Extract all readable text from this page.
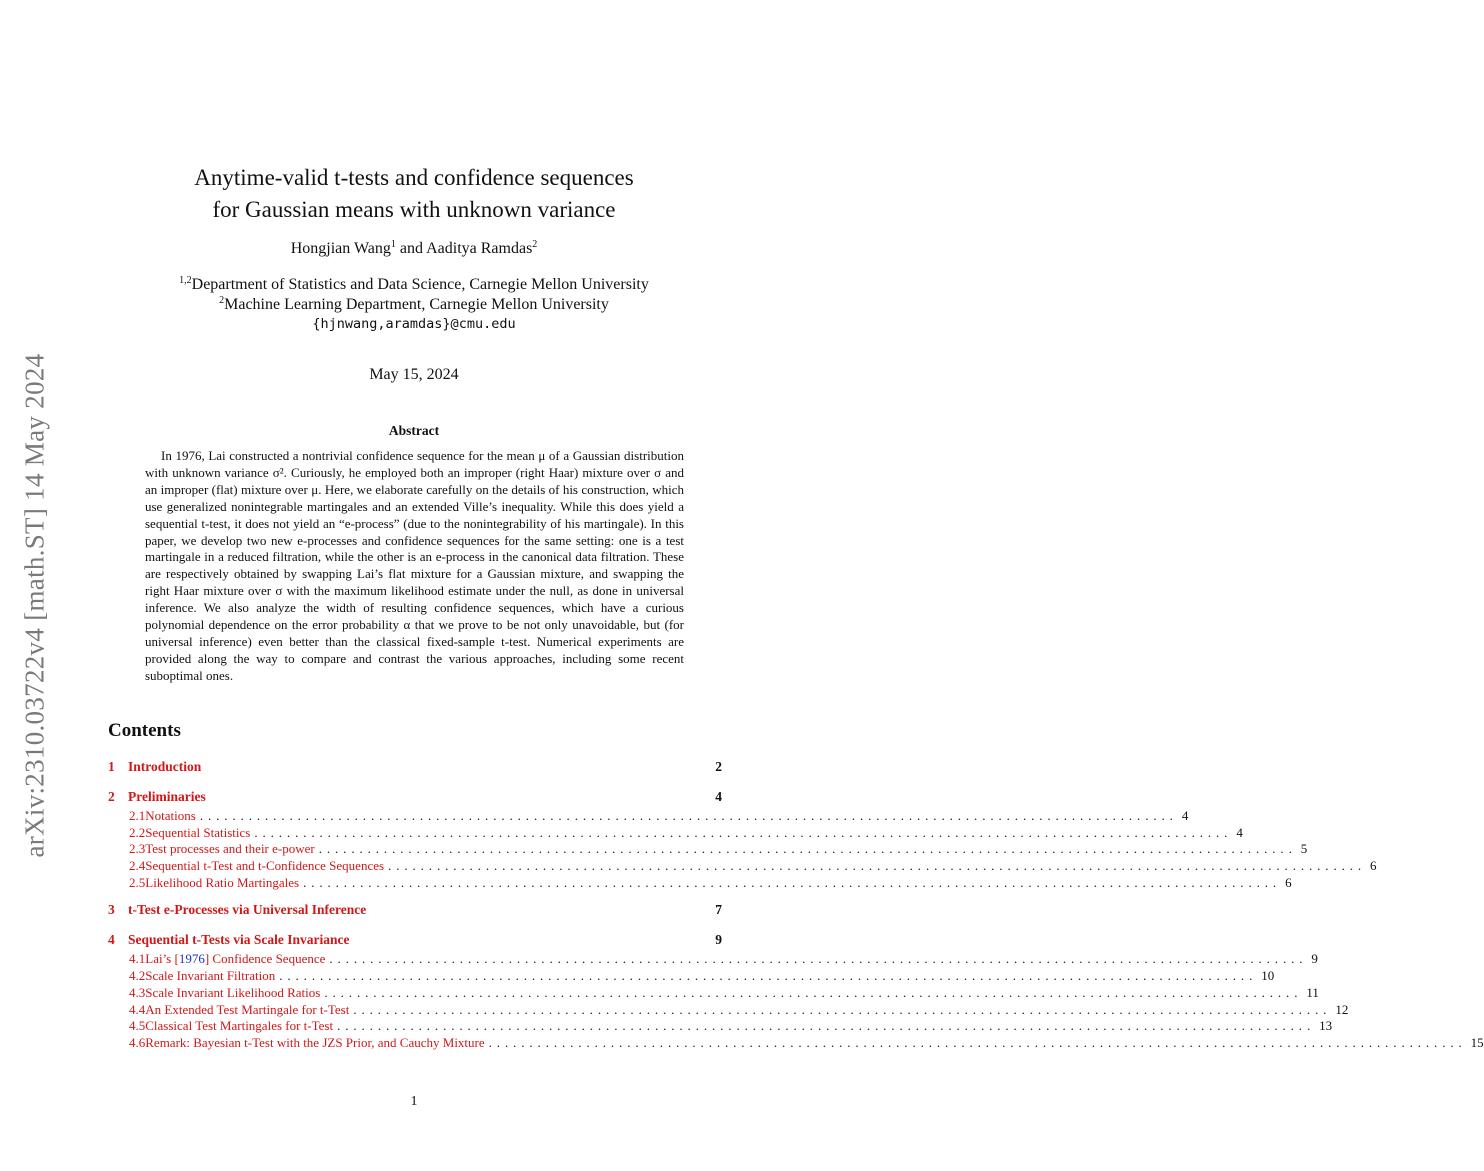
arXiv:2310.03722v4 [math.ST] 14 May 2024
Anytime-valid t-tests and confidence sequences
for Gaussian means with unknown variance
Hongjian Wang$^1$ and Aaditya Ramdas$^2$
$^{1,2}$Department of Statistics and Data Science, Carnegie Mellon University
$^2$Machine Learning Department, Carnegie Mellon University
{hjnwang,aramdas}@cmu.edu
May 15, 2024
Abstract
In 1976, Lai constructed a nontrivial confidence sequence for the mean μ of a Gaussian distribution with unknown variance σ². Curiously, he employed both an improper (right Haar) mixture over σ and an improper (flat) mixture over μ. Here, we elaborate carefully on the details of his construction, which use generalized nonintegrable martingales and an extended Ville’s inequality. While this does yield a sequential t-test, it does not yield an “e-process” (due to the nonintegrability of his martingale). In this paper, we develop two new e-processes and confidence sequences for the same setting: one is a test martingale in a reduced filtration, while the other is an e-process in the canonical data filtration. These are respectively obtained by swapping Lai’s flat mixture for a Gaussian mixture, and swapping the right Haar mixture over σ with the maximum likelihood estimate under the null, as done in universal inference. We also analyze the width of resulting confidence sequences, which have a curious polynomial dependence on the error probability α that we prove to be not only unavoidable, but (for universal inference) even better than the classical fixed-sample t-test. Numerical experiments are provided along the way to compare and contrast the various approaches, including some recent suboptimal ones.
Contents
1 Introduction	2
2 Preliminaries	4
2.1 Notations ........................................................................................................................ 4
2.2 Sequential Statistics ........................................................................................................................ 4
2.3 Test processes and their e-power ........................................................................................................................ 5
2.4 Sequential t-Test and t-Confidence Sequences ........................................................................................................................ 6
2.5 Likelihood Ratio Martingales ........................................................................................................................ 6
3 t-Test e-Processes via Universal Inference	7
4 Sequential t-Tests via Scale Invariance	9
4.1 Lai’s [1976] Confidence Sequence ........................................................................................................................ 9
4.2 Scale Invariant Filtration ........................................................................................................................ 10
4.3 Scale Invariant Likelihood Ratios ........................................................................................................................ 11
4.4 An Extended Test Martingale for t-Test ........................................................................................................................ 12
4.5 Classical Test Martingales for t-Test ........................................................................................................................ 13
4.6 Remark: Bayesian t-Test with the JZS Prior, and Cauchy Mixture ........................................................................................................................ 15
1
